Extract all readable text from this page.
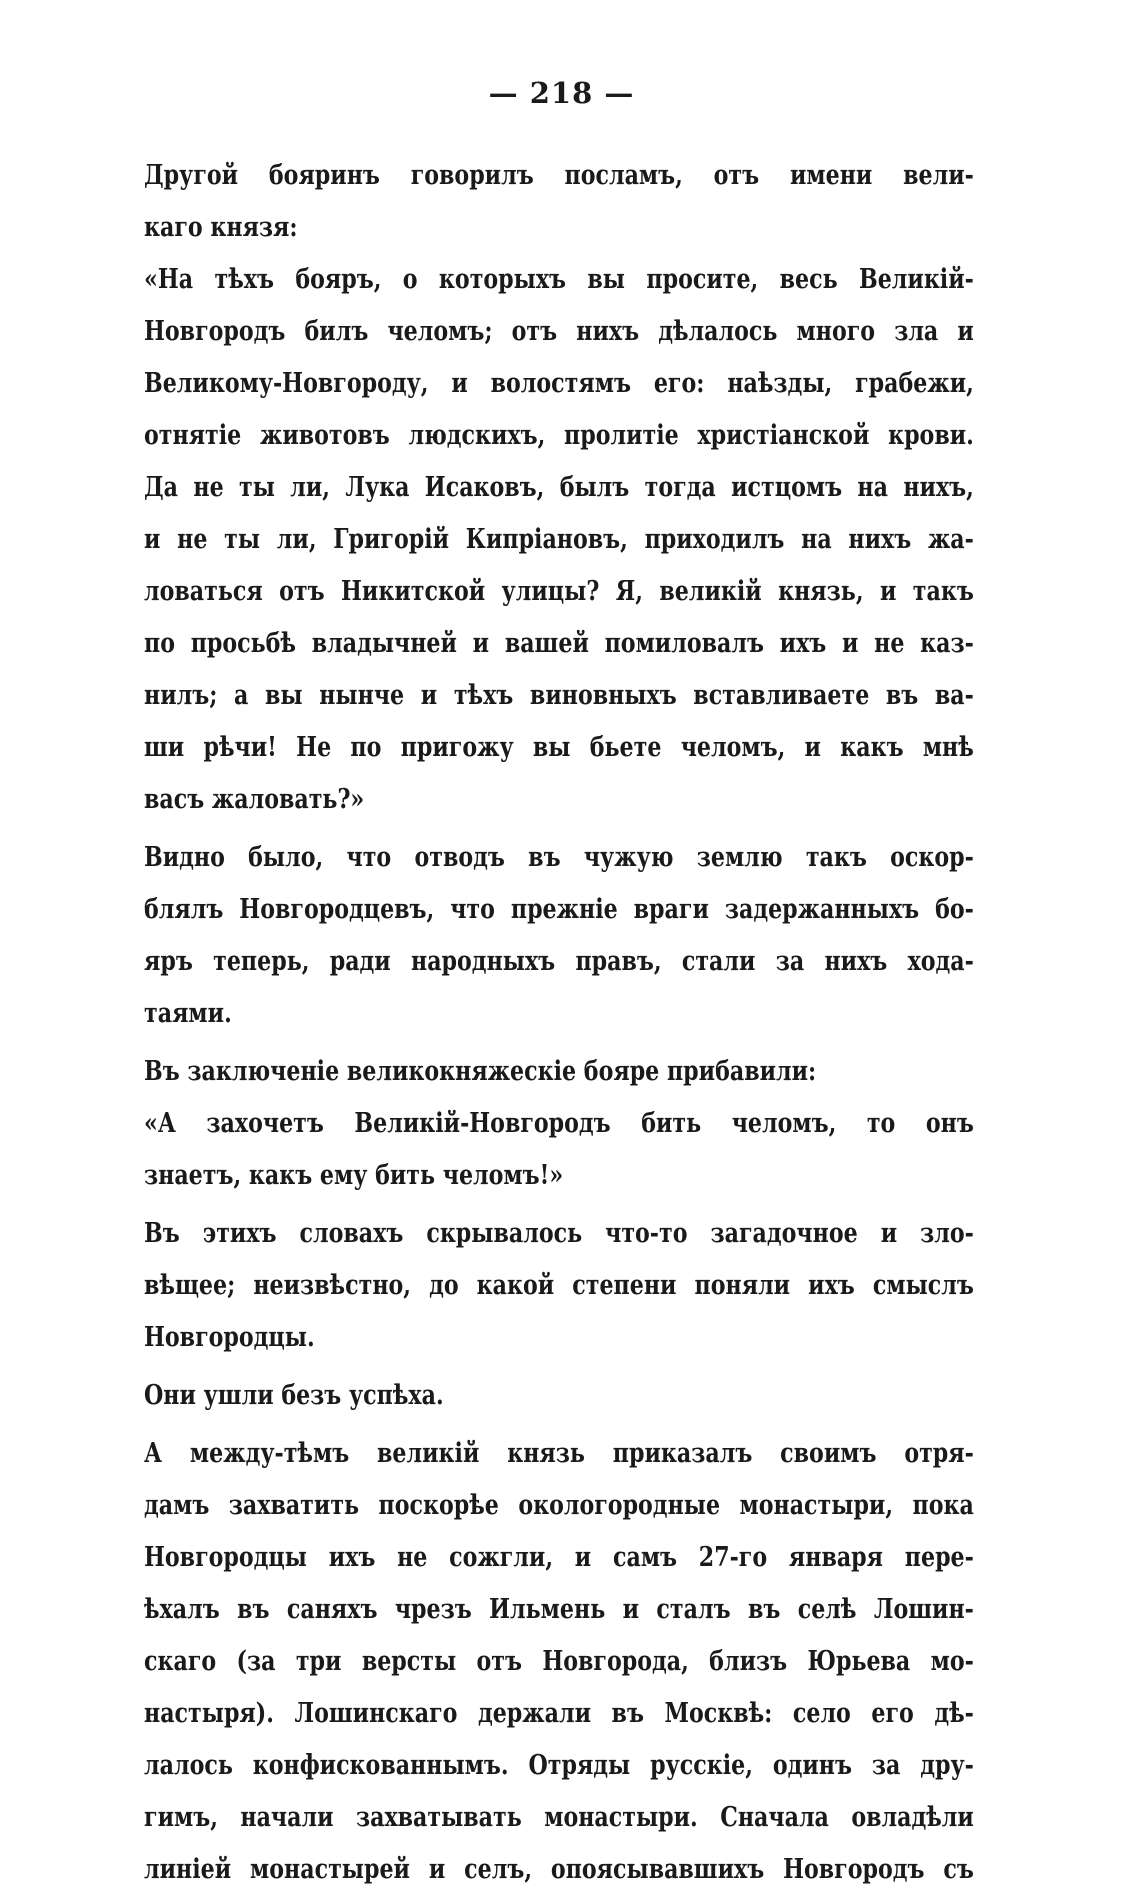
— 218 —
Другой бояринъ говорилъ посламъ, отъ имени вели-
каго князя:
«На тѣхъ бояръ, о которыхъ вы просите, весь Великій-
Новгородъ билъ челомъ; отъ нихъ дѣлалось много зла и
Великому-Новгороду, и волостямъ его: наѣзды, грабежи,
отнятіе животовъ людскихъ, пролитіе христіанской крови.
Да не ты ли, Лука Исаковъ, былъ тогда истцомъ на нихъ,
и не ты ли, Григорій Кипріановъ, приходилъ на нихъ жа-
ловаться отъ Никитской улицы? Я, великій князь, и такъ
по просьбѣ владычней и вашей помиловалъ ихъ и не каз-
нилъ; а вы нынче и тѣхъ виновныхъ вставливаете въ ва-
ши рѣчи! Не по пригожу вы бьете челомъ, и какъ мнѣ
васъ жаловать?»
Видно было, что отводъ въ чужую землю такъ оскор-
блялъ Новгородцевъ, что прежніе враги задержанныхъ бо-
яръ теперь, ради народныхъ правъ, стали за нихъ хода-
таями.
Въ заключеніе великокняжескіе бояре прибавили:
«А захочетъ Великій-Новгородъ бить челомъ, то онъ
знаетъ, какъ ему бить челомъ!»
Въ этихъ словахъ скрывалось что-то загадочное и зло-
вѣщее; неизвѣстно, до какой степени поняли ихъ смыслъ
Новгородцы.
Они ушли безъ успѣха.
А между-тѣмъ великій князь приказалъ своимъ отря-
дамъ захватить поскорѣе окологородные монастыри, пока
Новгородцы ихъ не сожгли, и самъ 27-го января пере-
ѣхалъ въ саняхъ чрезъ Ильмень и сталъ въ селѣ Лошин-
скаго (за три версты отъ Новгорода, близъ Юрьева мо-
настыря). Лошинскаго держали въ Москвѣ: село его дѣ-
лалось конфискованнымъ. Отряды русскіе, одинъ за дру-
гимъ, начали захватывать монастыри. Сначала овладѣли
линіей монастырей и селъ, опоясывавшихъ Новгородъ съ
